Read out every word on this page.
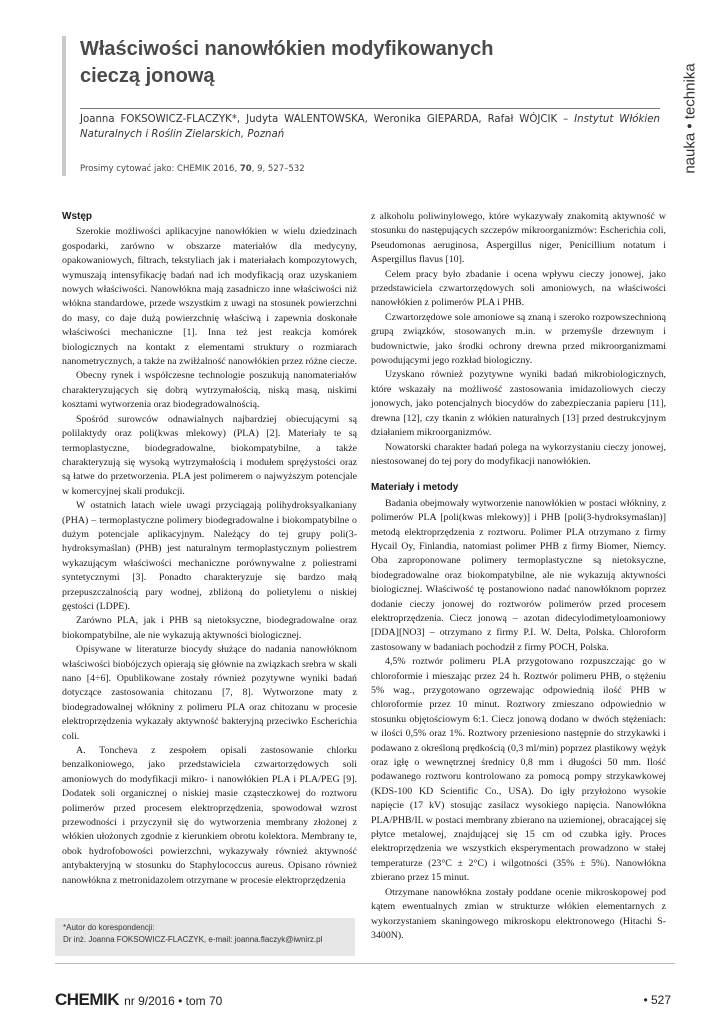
Właściwości nanowłókien modyfikowanych cieczą jonową
Joanna FOKSOWICZ-FLACZYK*, Judyta WALENTOWSKA, Weronika GIEPARDA, Rafał WÓJCIK – Instytut Włókien Naturalnych i Roślin Zielarskich, Poznań
Prosimy cytować jako: CHEMIK 2016, 70, 9, 527–532	nauka • technika
Wstęp

Szerokie możliwości aplikacyjne nanowłókien w wielu dziedzinach gospodarki, zarówno w obszarze materiałów dla medycyny, opakowaniowych, filtrach, tekstyliach jak i materiałach kompozytowych, wymuszają intensyfikację badań nad ich modyfikacją oraz uzyskaniem nowych właściwości. Nanowłókna mają zasadniczo inne właściwości niż włókna standardowe, przede wszystkim z uwagi na stosunek powierzchni do masy, co daje dużą powierzchnię właściwą i zapewnia doskonałe właściwości mechaniczne [1]. Inna też jest reakcja komórek biologicznych na kontakt z elementami struktury o rozmiarach nanometrycznych, a także na zwiłżalność nanowłókien przez różne ciecze.

Obecny rynek i współczesne technologie poszukują nanomateriałów charakteryzujących się dobrą wytrzymałością, niską masą, niskimi kosztami wytworzenia oraz biodegradowalnością.

Spośród surowców odnawialnych najbardziej obiecującymi są polilaktydy oraz poli(kwas mlekowy) (PLA) [2]. Materiały te są termoplastyczne, biodegradowalne, biokompatybilne, a także charakteryzują się wysoką wytrzymałością i modułem sprężystości oraz są łatwe do przetworzenia. PLA jest polimerem o najwyższym potencjale w komercyjnej skali produkcji.

W ostatnich latach wiele uwagi przyciągają polihydroksyalkaniany (PHA) – termoplastyczne polimery biodegradowalne i biokompatybilne o dużym potencjale aplikacyjnym. Należący do tej grupy poli(3-hydroksymaślan) (PHB) jest naturalnym termoplastycznym poliestrem wykazującym właściwości mechaniczne porównywalne z poliestrami syntetycznymi [3]. Ponadto charakteryzuje się bardzo małą przepuszczalnością pary wodnej, zbliżoną do polietylenu o niskiej gęstości (LDPE).

Zarówno PLA, jak i PHB są nietoksyczne, biodegradowalne oraz biokompatybilne, ale nie wykazują aktywności biologicznej.

Opisywane w literaturze biocydy służące do nadania nanowłóknom właściwości biobójczych opierają się głównie na związkach srebra w skali nano [4÷6]. Opublikowane zostały również pozytywne wyniki badań dotyczące zastosowania chitozanu [7, 8]. Wytworzone maty z biodegradowalnej włókniny z polimeru PLA oraz chitozanu w procesie elektroprzędzenia wykazały aktywność bakteryjną przeciwko Escherichia coli.

A. Toncheva z zespołem opisali zastosowanie chlorku benzalkoniowego, jako przedstawiciela czwartorzędowych soli amoniowych do modyfikacji mikro- i nanowłókien PLA i PLA/PEG [9]. Dodatek soli organicznej o niskiej masie cząsteczkowej do roztworu polimerów przed procesem elektroprzędzenia, spowodował wzrost przewodności i przyczynił się do wytworzenia membrany złożonej z włókien ułożonych zgodnie z kierunkiem obrotu kolektora. Membrany te, obok hydrofobowości powierzchni, wykazywały również aktywność antybakteryjną w stosunku do Staphylococcus aureus. Opisano również nanowłókna z metronidazolem otrzymane w procesie elektroprzędzenia

z alkoholu poliwinylowego, które wykazywały znakomitą aktywność w stosunku do następujących szczepów mikroorganizmów: Escherichia coli, Pseudomonas aeruginosa, Aspergillus niger, Penicillium notatum i Aspergillus flavus [10].

Celem pracy było zbadanie i ocena wpływu cieczy jonowej, jako przedstawiciela czwartorzędowych soli amoniowych, na właściwości nanowłókien z polimerów PLA i PHB.

Czwartorzędowe sole amoniowe są znaną i szeroko rozpowszechnioną grupą związków, stosowanych m.in. w przemyśle drzewnym i budownictwie, jako środki ochrony drewna przed mikroorganizmami powodującymi jego rozkład biologiczny.

Uzyskano również pozytywne wyniki badań mikrobiologicznych, które wskazały na możliwość zastosowania imidazoliowych cieczy jonowych, jako potencjalnych biocydów do zabezpieczania papieru [11], drewna [12], czy tkanin z włókien naturalnych [13] przed destrukcyjnym działaniem mikroorganizmów.

Nowatorski charakter badań polega na wykorzystaniu cieczy jonowej, niestosowanej do tej pory do modyfikacji nanowłókien.

Materiały i metody

Badania obejmowały wytworzenie nanowłókien w postaci włókniny, z polimerów PLA [poli(kwas mlekowy)] i PHB [poli(3-hydroksymaślan)] metodą elektroprzędzenia z roztworu. Polimer PLA otrzymano z firmy Hycail Oy, Finlandia, natomiast polimer PHB z firmy Biomer, Niemcy. Oba zaproponowane polimery termoplastyczne są nietoksyczne, biodegradowalne oraz biokompatybilne, ale nie wykazują aktywności biologicznej. Właściwość tę postanowiono nadać nanowłóknom poprzez dodanie cieczy jonowej do roztworów polimerów przed procesem elektroprzędzenia. Ciecz jonową – azotan didecylodimetyloamoniowy [DDA][NO3] – otrzymano z firmy P.I. W. Delta, Polska. Chloroform zastosowany w badaniach pochodził z firmy POCH, Polska.

4,5% roztwór polimeru PLA przygotowano rozpuszczając go w chloroformie i mieszając przez 24 h. Roztwór polimeru PHB, o stężeniu 5% wag., przygotowano ogrzewając odpowiednią ilość PHB w chloroformie przez 10 minut. Roztwory zmieszano odpowiednio w stosunku objętościowym 6:1. Ciecz jonową dodano w dwóch stężeniach: w ilości 0,5% oraz 1%. Roztwory przeniesiono następnie do strzykawki i podawano z określoną prędkością (0,3 ml/min) poprzez plastikowy wężyk oraz igłę o wewnętrznej średnicy 0,8 mm i długości 50 mm. Ilość podawanego roztworu kontrolowano za pomocą pompy strzykawkowej (KDS-100 KD Scientific Co., USA). Do igły przyłożono wysokie napięcie (17 kV) stosując zasilacz wysokiego napięcia. Nanowłókna PLA/PHB/IL w postaci membrany zbierano na uziemionej, obracającej się płytce metalowej, znajdującej się 15 cm od czubka igły. Proces elektroprzędzenia we wszystkich eksperymentach prowadzono w stałej temperaturze (23°C ± 2°C) i wilgotności (35% ± 5%). Nanowłókna zbierano przez 15 minut.

Otrzymane nanowłókna zostały poddane ocenie mikroskopowej pod kątem ewentualnych zmian w strukturze włókien elementarnych z wykorzystaniem skaningowego mikroskopu elektronowego (Hitachi S-3400N).

*Autor do korespondencji:
Dr inż. Joanna FOKSOWICZ-FLACZYK, e-mail: joanna.flaczyk@iwnirz.pl
CHEMIK nr 9/2016 • tom 70	• 527
